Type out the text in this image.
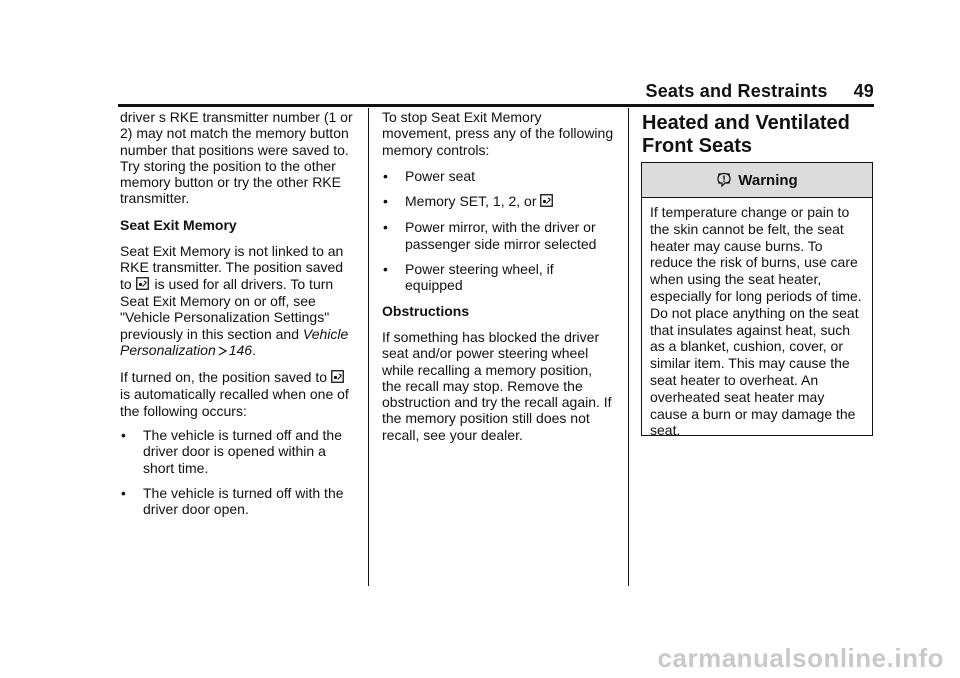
Seats and Restraints 49

driver s RKE transmitter number (1 or 2) may not match the memory button number that positions were saved to. Try storing the position to the other memory button or try the other RKE transmitter.

Seat Exit Memory

Seat Exit Memory is not linked to an RKE transmitter. The position saved to  is used for all drivers. To turn Seat Exit Memory on or off, see "Vehicle Personalization Settings" previously in this section and Vehicle Personalization 146.

If turned on, the position saved to  is automatically recalled when one of the following occurs:

•	The vehicle is turned off and the driver door is opened within a short time.
•	The vehicle is turned off with the driver door open.

To stop Seat Exit Memory movement, press any of the following memory controls:

•	Power seat
•	Memory SET, 1, 2, or
•	Power mirror, with the driver or passenger side mirror selected
•	Power steering wheel, if equipped

Obstructions

If something has blocked the driver seat and/or power steering wheel while recalling a memory position, the recall may stop. Remove the obstruction and try the recall again. If the memory position still does not recall, see your dealer.

Heated and Ventilated
Front Seats
Warning
If temperature change or pain to the skin cannot be felt, the seat heater may cause burns. To reduce the risk of burns, use care when using the seat heater, especially for long periods of time. Do not place anything on the seat that insulates against heat, such as a blanket, cushion, cover, or similar item. This may cause the seat heater to overheat. An overheated seat heater may cause a burn or may damage the seat.
carmanualsonline.info
